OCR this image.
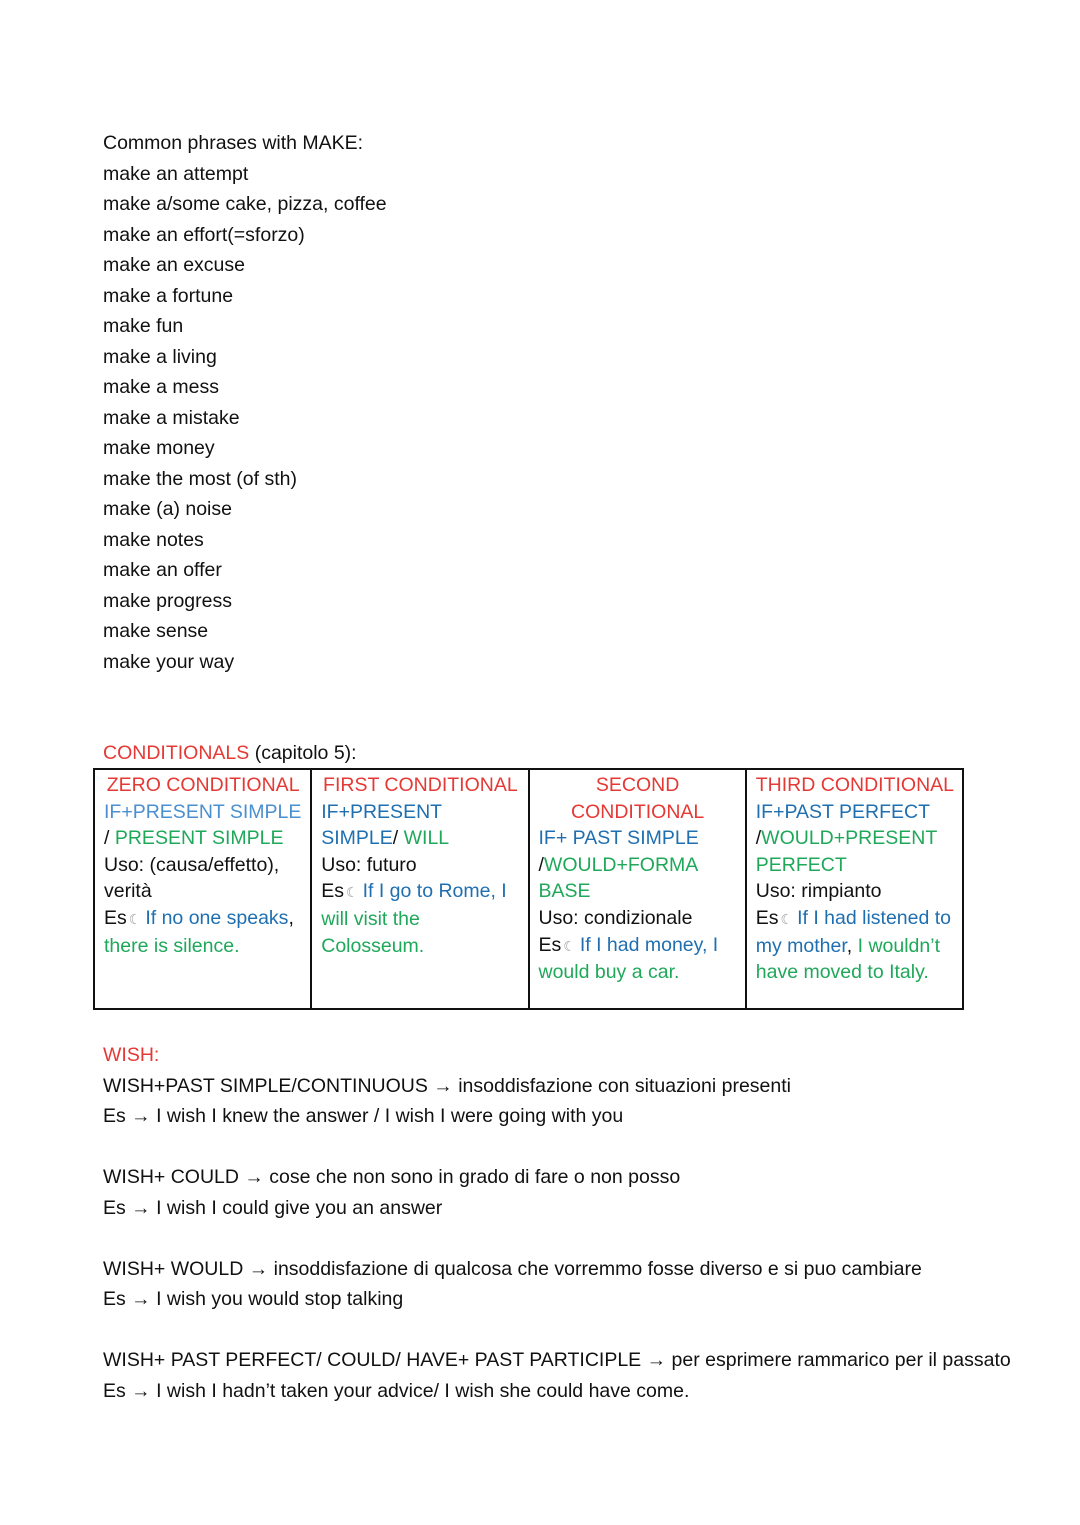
Common phrases with MAKE:
make an attempt
make a/some cake, pizza, coffee
make an effort(=sforzo)
make an excuse
make a fortune
make fun
make a living
make a mess
make a mistake
make money
make the most (of sth)
make (a) noise
make notes
make an offer
make progress
make sense
make your way
CONDITIONALS (capitolo 5):
ZERO CONDITIONAL
IF+PRESENT SIMPLE / PRESENT SIMPLE
Uso: (causa/effetto), verità
Es ☾ If no one speaks, there is silence.
FIRST CONDITIONAL
IF+PRESENT SIMPLE/ WILL
Uso: futuro
Es ☾ If I go to Rome, I will visit the Colosseum.
SECOND CONDITIONAL
IF+ PAST SIMPLE /WOULD+FORMA BASE
Uso: condizionale
Es ☾ If I had money, I would buy a car.
THIRD CONDITIONAL
IF+PAST PERFECT /WOULD+PRESENT PERFECT
Uso: rimpianto
Es ☾ If I had listened to my mother, I wouldn’t have moved to Italy.
WISH:
WISH+PAST SIMPLE/CONTINUOUS → insoddisfazione con situazioni presenti
Es → I wish I knew the answer / I wish I were going with you
WISH+ COULD → cose che non sono in grado di fare o non posso
Es → I wish I could give you an answer
WISH+ WOULD → insoddisfazione di qualcosa che vorremmo fosse diverso e si puo cambiare
Es → I wish you would stop talking
WISH+ PAST PERFECT/ COULD/ HAVE+ PAST PARTICIPLE → per esprimere rammarico per il passato
Es → I wish I hadn’t taken your advice/ I wish she could have come.
